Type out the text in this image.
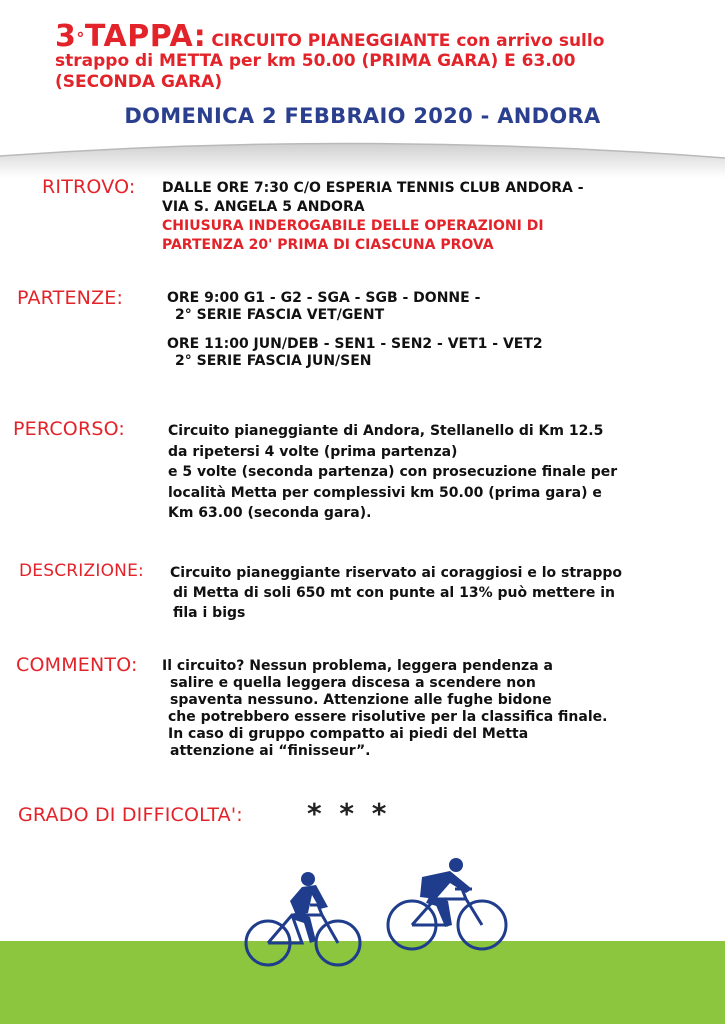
3°TAPPA: CIRCUITO PIANEGGIANTE con arrivo sullo
strappo di METTA per km 50.00 (PRIMA GARA) E 63.00
(SECONDA GARA)
DOMENICA 2 FEBBRAIO 2020 - ANDORA
RITROVO: DALLE ORE 7:30 C/O ESPERIA TENNIS CLUB ANDORA -
VIA S. ANGELA 5 ANDORA
CHIUSURA INDEROGABILE DELLE OPERAZIONI DI
PARTENZA 20' PRIMA DI CIASCUNA PROVA
PARTENZE:	ORE 9:00 G1 - G2 - SGA - SGB - DONNE -
2° SERIE FASCIA VET/GENT
ORE 11:00 JUN/DEB - SEN1 - SEN2 - VET1 - VET2
2° SERIE FASCIA JUN/SEN
PERCORSO:	Circuito pianeggiante di Andora, Stellanello di Km 12.5
da ripetersi 4 volte (prima partenza)
e 5 volte (seconda partenza) con prosecuzione finale per
località Metta per complessivi km 50.00 (prima gara) e
Km 63.00 (seconda gara).
DESCRIZIONE: Circuito pianeggiante riservato ai coraggiosi e lo strappo
di Metta di soli 650 mt con punte al 13% può mettere in
fila i bigs
COMMENTO: Il circuito? Nessun problema, leggera pendenza a
salire e quella leggera discesa a scendere non
spaventa nessuno. Attenzione alle fughe bidone
che potrebbero essere risolutive per la classifica finale.
In caso di gruppo compatto ai piedi del Metta
attenzione ai “finisseur”.
GRADO DI DIFFICOLTA': * * *
